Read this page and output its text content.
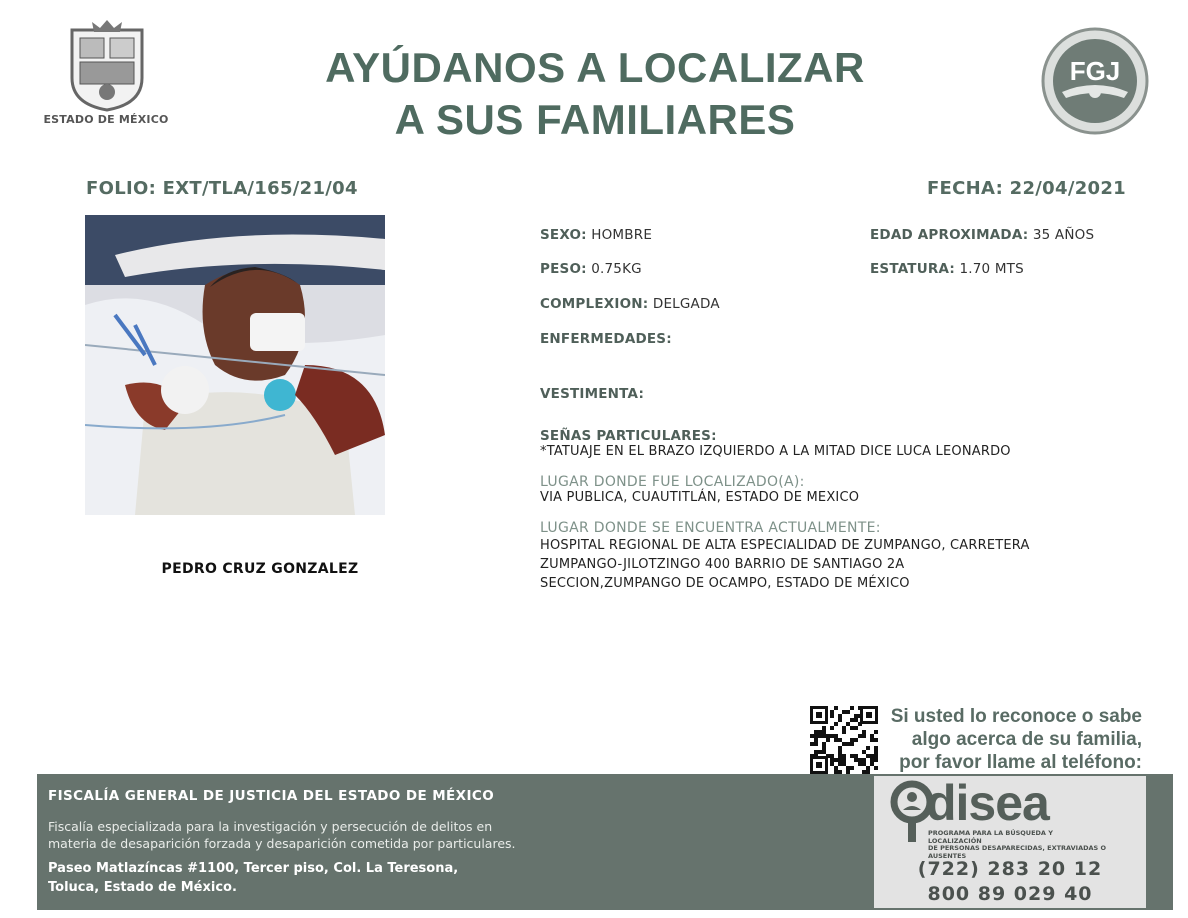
ESTADO DE MÉXICO
AYÚDANOS A LOCALIZAR
A SUS FAMILIARES
FGJ
FOLIO: EXT/TLA/165/21/04	FECHA: 22/04/2021
PEDRO CRUZ GONZALEZ
SEXO: HOMBRE	EDAD APROXIMADA: 35 AÑOS
PESO: 0.75KG	ESTATURA: 1.70 MTS
COMPLEXION: DELGADA
ENFERMEDADES:
VESTIMENTA:
SEÑAS PARTICULARES:
*TATUAJE EN EL BRAZO IZQUIERDO A LA MITAD DICE LUCA LEONARDO
LUGAR DONDE FUE LOCALIZADO(A):
VIA PUBLICA, CUAUTITLÁN, ESTADO DE MEXICO
LUGAR DONDE SE ENCUENTRA ACTUALMENTE:
HOSPITAL REGIONAL DE ALTA ESPECIALIDAD DE ZUMPANGO, CARRETERA
ZUMPANGO-JILOTZINGO 400 BARRIO DE SANTIAGO 2A
SECCION,ZUMPANGO DE OCAMPO, ESTADO DE MÉXICO
Si usted lo reconoce o sabe
algo acerca de su familia,
por favor llame al teléfono:
FISCALÍA GENERAL DE JUSTICIA DEL ESTADO DE MÉXICO
Fiscalía especializada para la investigación y persecución de delitos en
materia de desaparición forzada y desaparición cometida por particulares.
Paseo Matlazíncas #1100, Tercer piso, Col. La Teresona,
Toluca, Estado de México.
disea
PROGRAMA PARA LA BÚSQUEDA Y LOCALIZACIÓN
DE PERSONAS DESAPARECIDAS, EXTRAVIADAS O
AUSENTES
(722) 283 20 12
800 89 029 40
